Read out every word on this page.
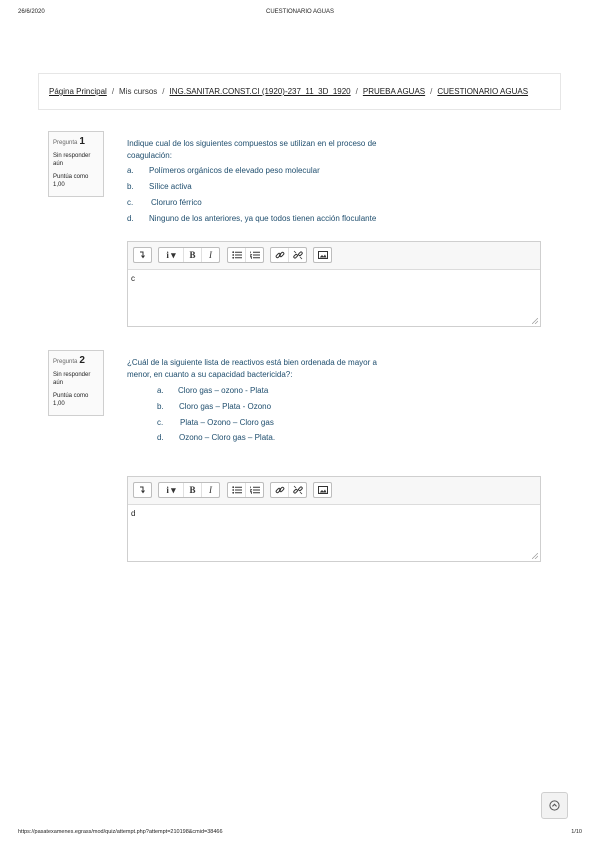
26/6/2020	CUESTIONARIO AGUAS
Página Principal / Mis cursos / ING.SANITAR.CONST.CI (1920)-237_11_3D_1920 / PRUEBA AGUAS / CUESTIONARIO AGUAS
Pregunta 1
Sin responder aún
Puntúa como 1,00
Indique cual de los siguientes compuestos se utilizan en el proceso de coagulación:
a. Polímeros orgánicos de elevado peso molecular
b. Sílice activa
c. Cloruro férrico
d. Ninguno de los anteriores, ya que todos tienen acción floculante
i ▾	B	I
c
Pregunta 2
Sin responder aún
Puntúa como 1,00
¿Cuál de la siguiente lista de reactivos está bien ordenada de mayor a menor, en cuanto a su capacidad bactericida?:
a. Cloro gas – ozono - Plata
b. Cloro gas – Plata - Ozono
c. Plata – Ozono – Cloro gas
d. Ozono – Cloro gas – Plata.
i ▾	B	I
d
https://pasatexamenes.egrass/mod/quiz/attempt.php?attempt=210198&cmid=38466	1/10
